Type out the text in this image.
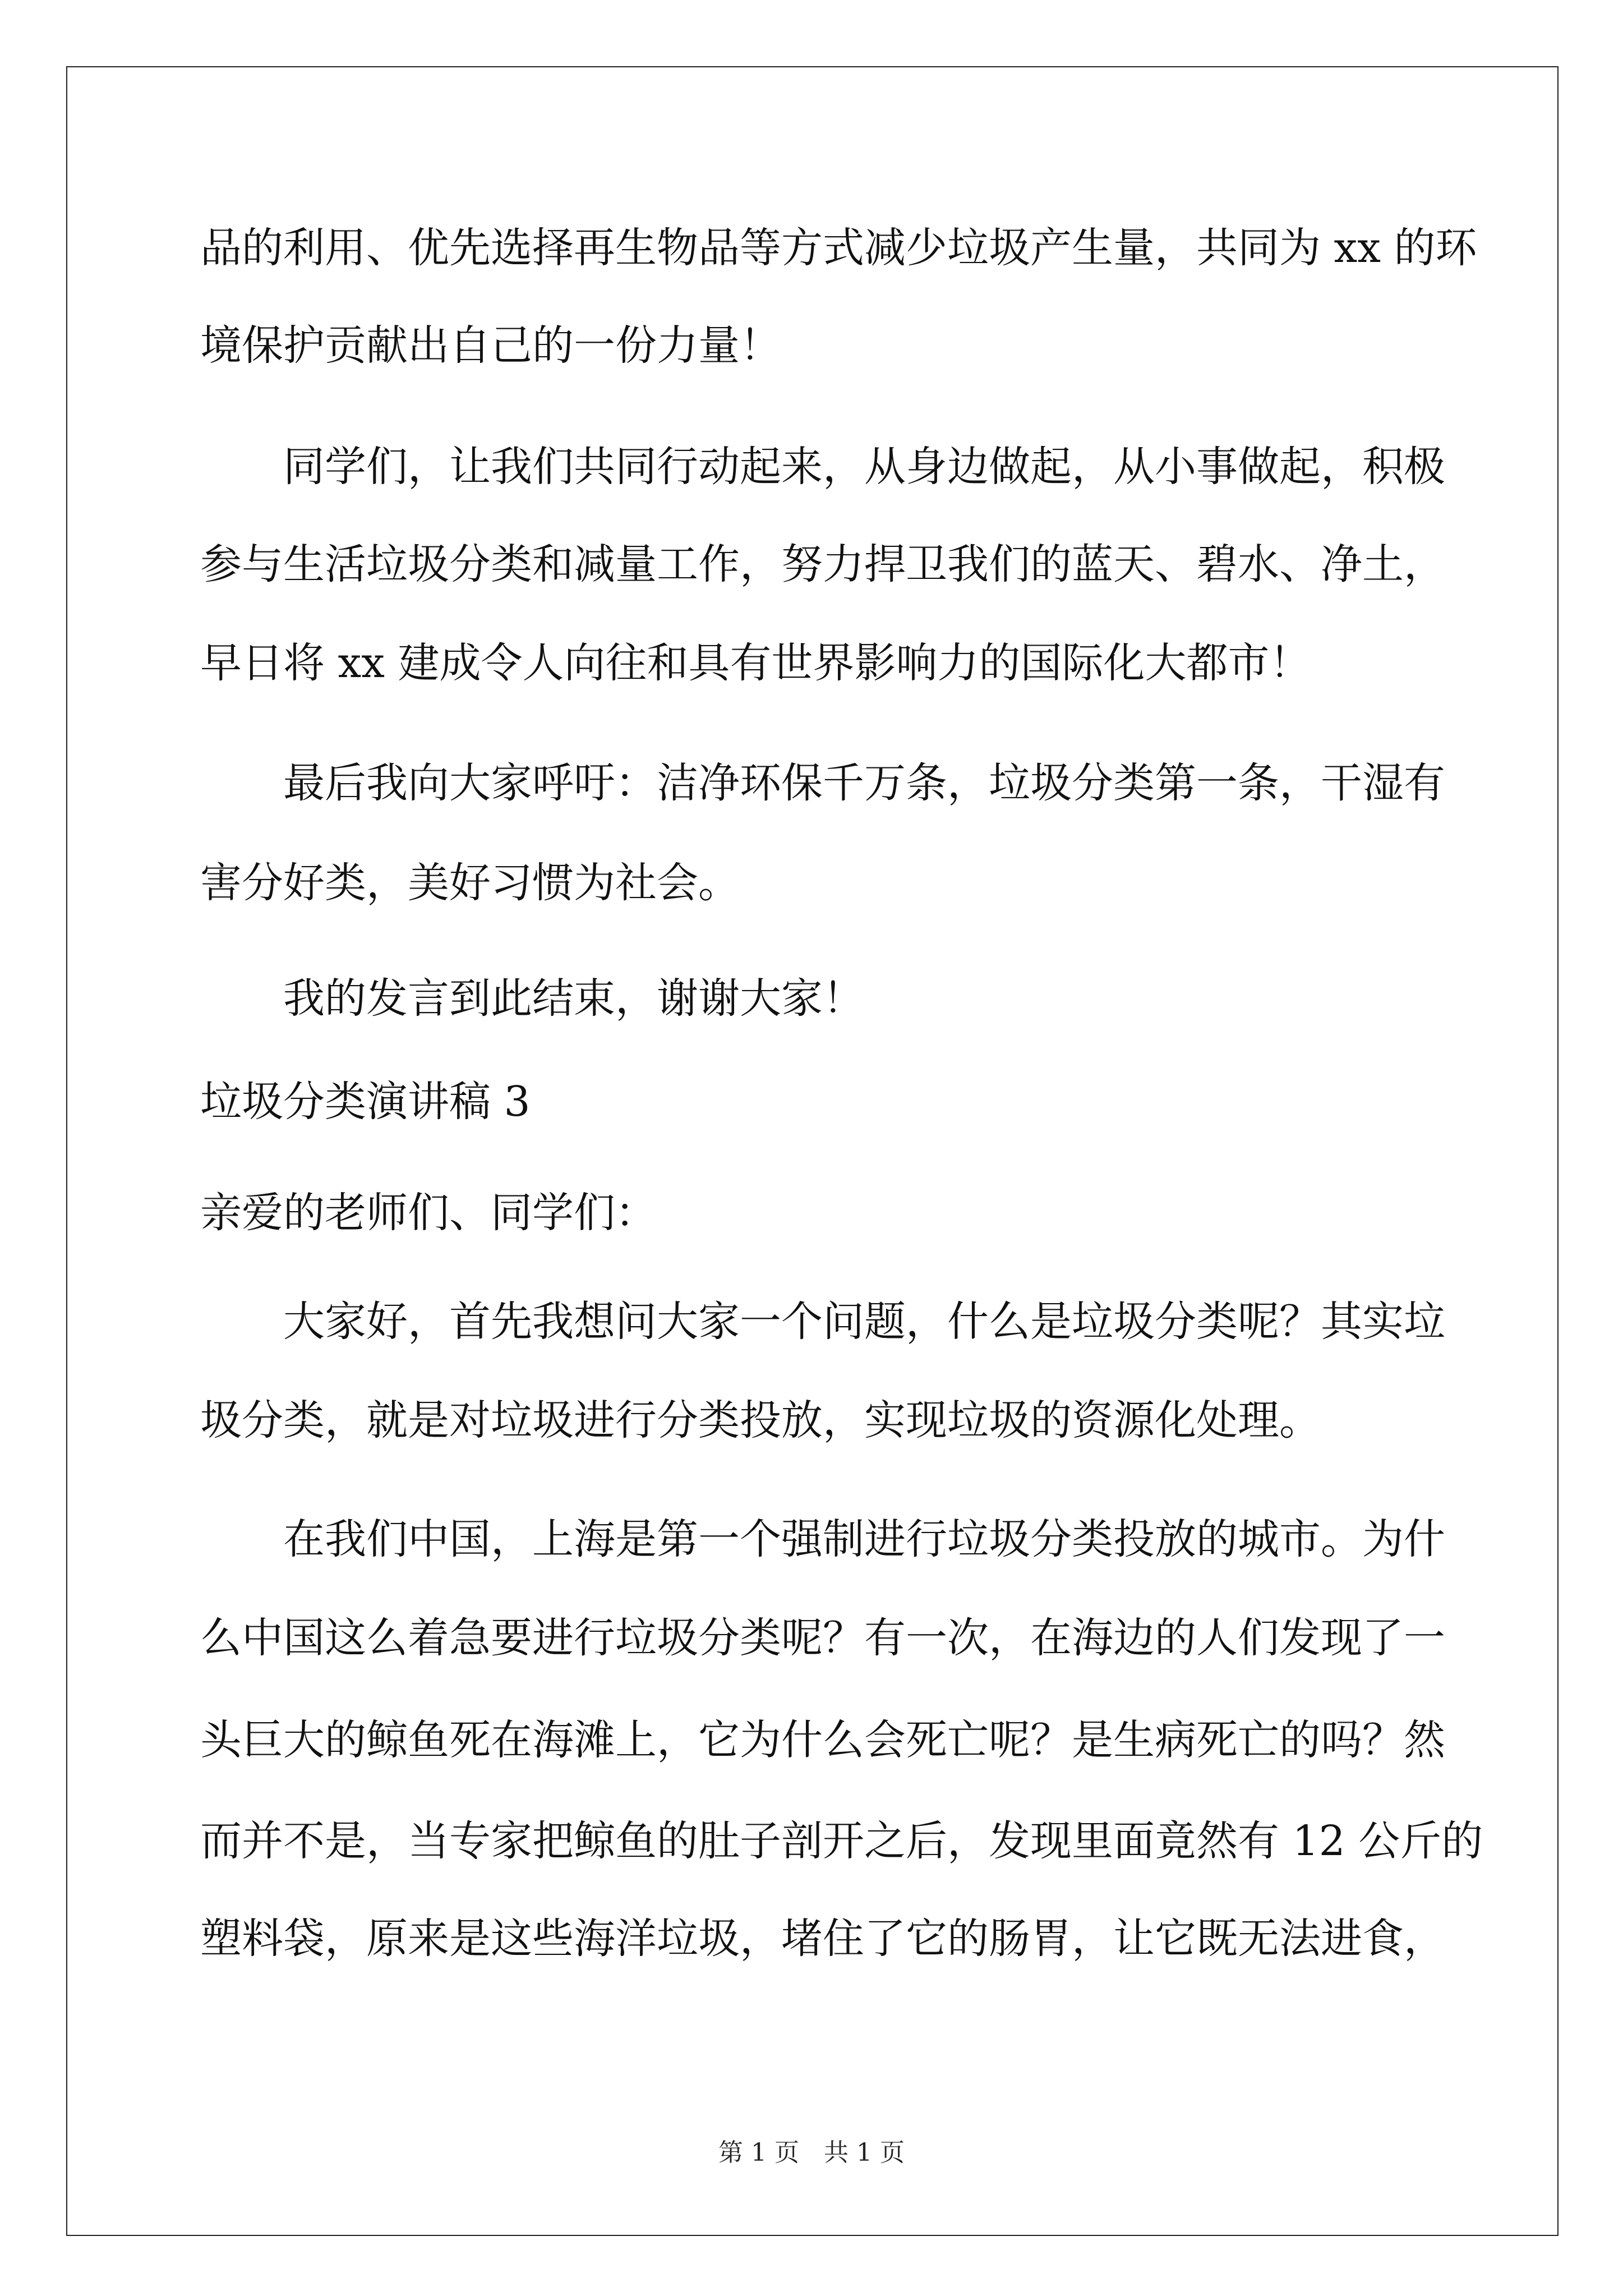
品的利用、优先选择再生物品等方式减少垃圾产生量，共同为 xx 的环
境保护贡献出自己的一份力量！
同学们，让我们共同行动起来，从身边做起，从小事做起，积极
参与生活垃圾分类和减量工作，努力捍卫我们的蓝天、碧水、净土，
早日将 xx 建成令人向往和具有世界影响力的国际化大都市！
最后我向大家呼吁：洁净环保千万条，垃圾分类第一条，干湿有
害分好类，美好习惯为社会。
我的发言到此结束，谢谢大家！
垃圾分类演讲稿 3
亲爱的老师们、同学们：
大家好，首先我想问大家一个问题，什么是垃圾分类呢？其实垃
圾分类，就是对垃圾进行分类投放，实现垃圾的资源化处理。
在我们中国，上海是第一个强制进行垃圾分类投放的城市。为什
么中国这么着急要进行垃圾分类呢？有一次，在海边的人们发现了一
头巨大的鲸鱼死在海滩上，它为什么会死亡呢？是生病死亡的吗？然
而并不是，当专家把鲸鱼的肚子剖开之后，发现里面竟然有 12 公斤的
塑料袋，原来是这些海洋垃圾，堵住了它的肠胃，让它既无法进食，
第 1 页　共 1 页
